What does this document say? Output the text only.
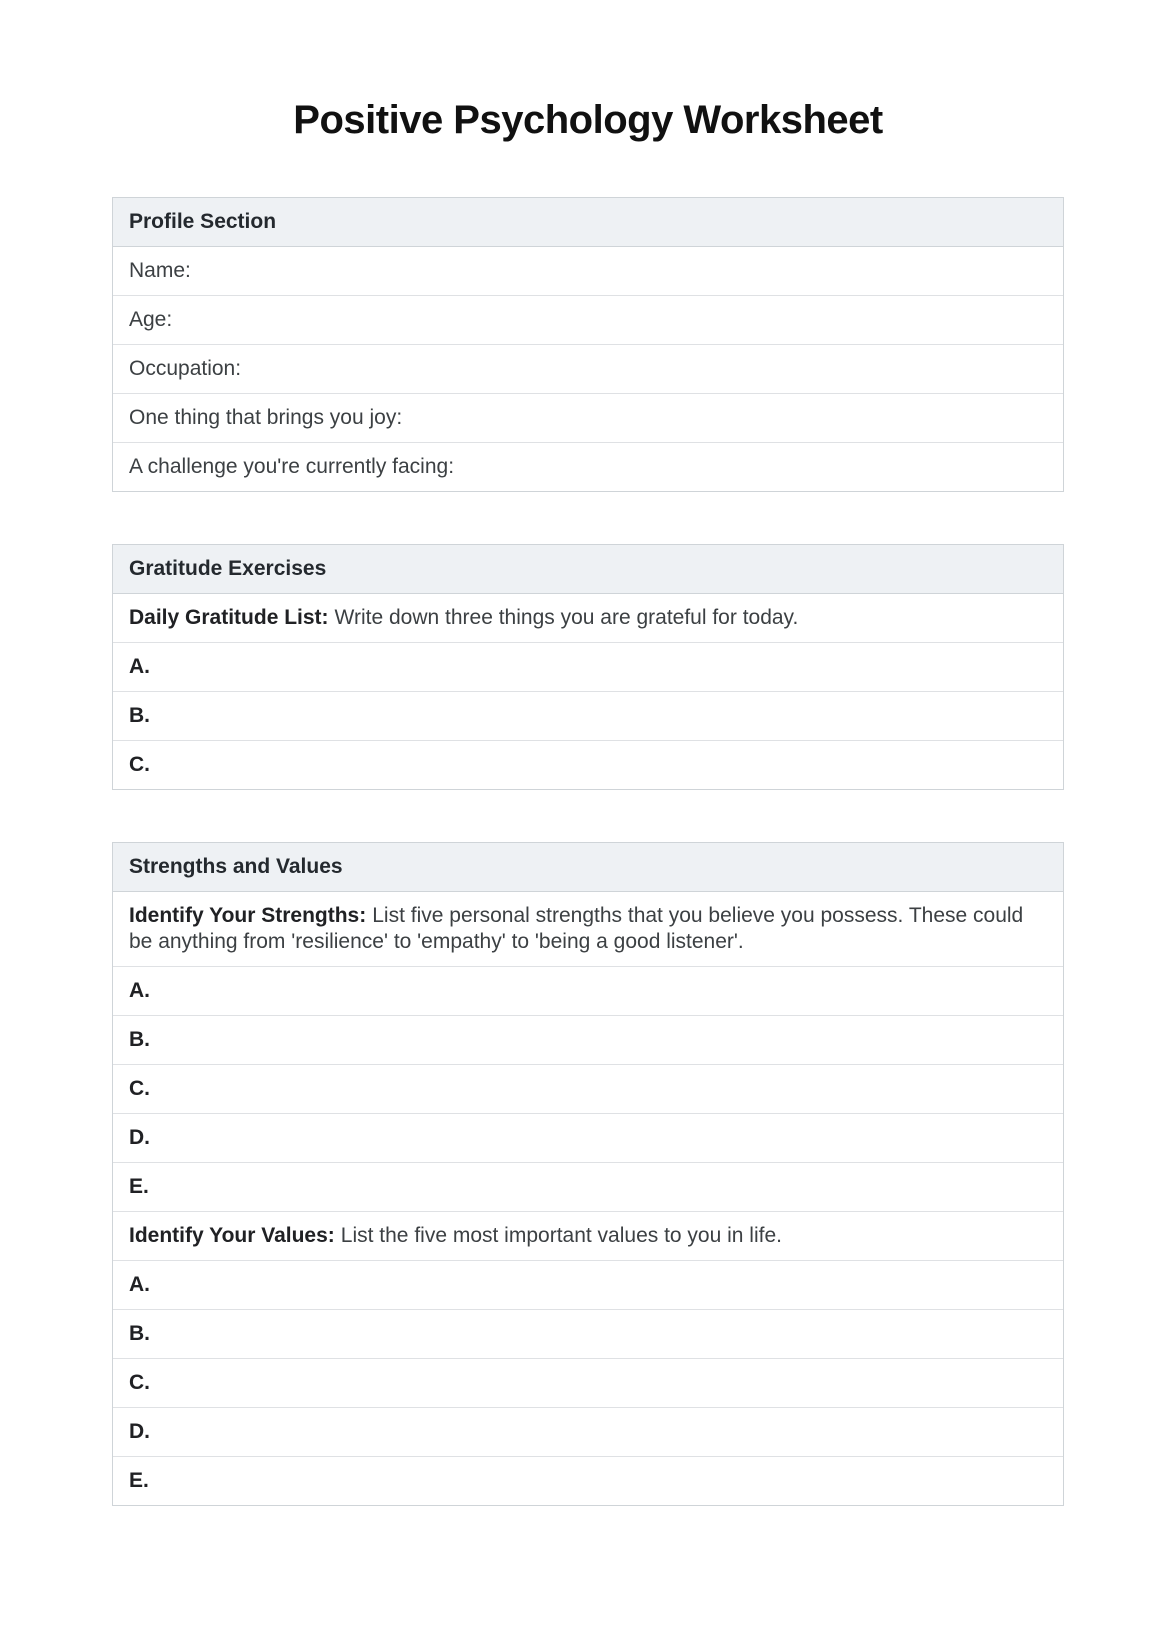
Positive Psychology Worksheet
Profile Section
Name:
Age:
Occupation:
One thing that brings you joy:
A challenge you're currently facing:
Gratitude Exercises
Daily Gratitude List: Write down three things you are grateful for today.
A.
B.
C.
Strengths and Values
Identify Your Strengths: List five personal strengths that you believe you possess. These could be anything from 'resilience' to 'empathy' to 'being a good listener'.
A.
B.
C.
D.
E.
Identify Your Values: List the five most important values to you in life.
A.
B.
C.
D.
E.
